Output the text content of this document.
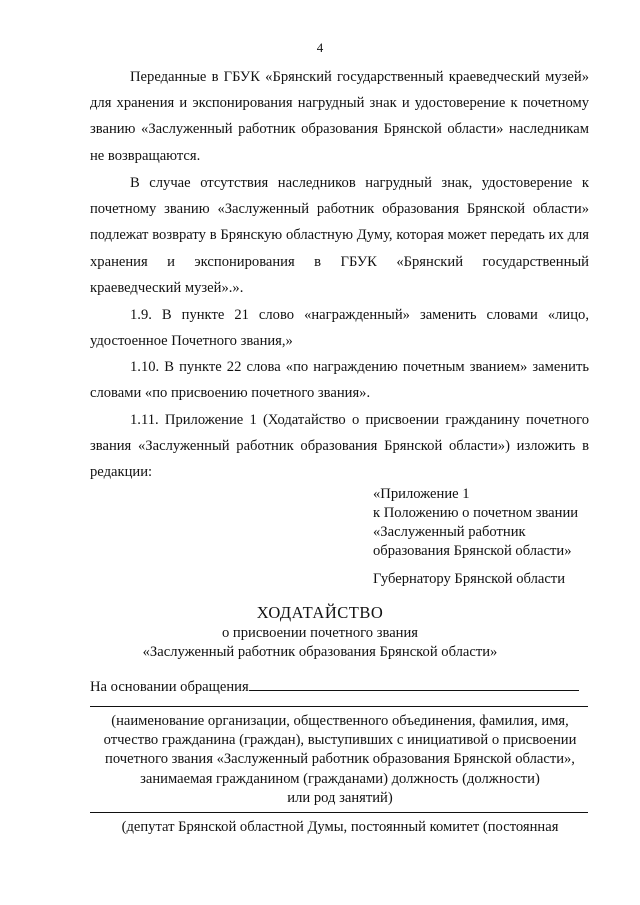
4

Переданные в ГБУК «Брянский государственный краеведческий музей» для хранения и экспонирования нагрудный знак и удостоверение к почетному званию «Заслуженный работник образования Брянской области» наследникам не возвращаются.

В случае отсутствия наследников нагрудный знак, удостоверение к почетному званию «Заслуженный работник образования Брянской области» подлежат возврату в Брянскую областную Думу, которая может передать их для хранения и экспонирования в ГБУК «Брянский государственный краеведческий музей».».

1.9. В пункте 21 слово «награжденный» заменить словами «лицо, удостоенное Почетного звания,»

1.10. В пункте 22 слова «по награждению почетным званием» заменить словами «по присвоению почетного звания».

1.11. Приложение 1 (Ходатайство о присвоении гражданину почетного звания «Заслуженный работник образования Брянской области») изложить в редакции:

«Приложение 1
к Положению о почетном звании
«Заслуженный работник
образования Брянской области»
Губернатору Брянской области
ХОДАТАЙСТВО
о присвоении почетного звания
«Заслуженный работник образования Брянской области»
На основании обращения
(наименование организации, общественного объединения, фамилия, имя,
отчество гражданина (граждан), выступивших с инициативой о присвоении
почетного звания «Заслуженный работник образования Брянской области»,
занимаемая гражданином (гражданами) должность (должности)
или род занятий)
(депутат Брянской областной Думы, постоянный комитет (постоянная
